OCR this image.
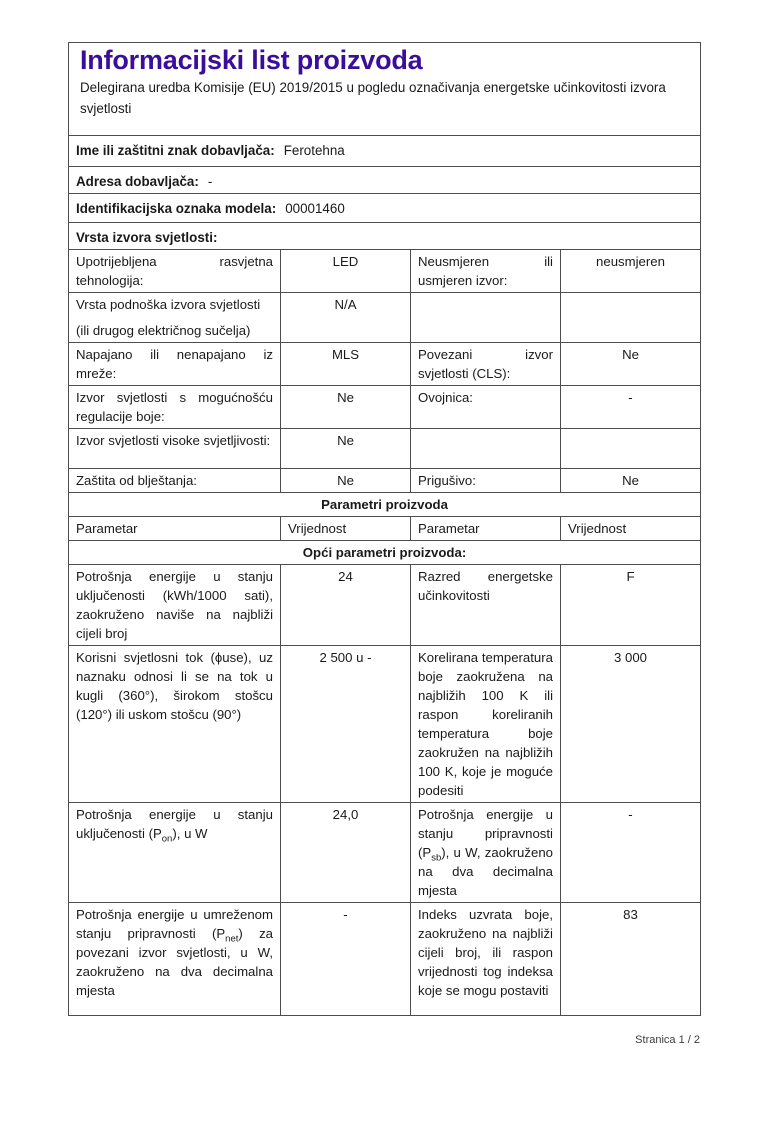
Informacijski list proizvoda
Delegirana uredba Komisije (EU) 2019/2015 u pogledu označivanja energetske učinkovitosti izvora svjetlosti

Ime ili zaštitni znak dobavljača: Ferotehna			
Adresa dobavljača: -			
Identifikacijska oznaka modela: 00001460			
Vrsta izvora svjetlosti:			
Upotrijebljena rasvjetna tehnologija:	LED	Neusmjeren ili usmjeren izvor:	neusmjeren

Vrsta podnoška izvora svjetlosti
(ili drugog električnog sučelja)	N/A		
Napajano ili nenapajano iz mreže:	MLS	Povezani izvor svjetlosti (CLS):	Ne
Izvor svjetlosti s mogućnošću regulacije boje:	Ne	Ovojnica:	-
Izvor svjetlosti visoke svjetljivosti:	Ne		
Zaštita od blještanja:	Ne	Prigušivo:	Ne
Parametri proizvoda			
Parametar	Vrijednost	Parametar	Vrijednost
Opći parametri proizvoda:			
Potrošnja energije u stanju uključenosti (kWh/1000 sati), zaokruženo naviše na najbliži cijeli broj	24	Razred energetske učinkovitosti	F
Korisni svjetlosni tok (ϕuse), uz naznaku odnosi li se na tok u kugli (360°), širokom stošcu (120°) ili uskom stošcu (90°)	2 500 u -	Korelirana temperatura boje zaokružena na najbližih 100 K ili raspon koreliranih temperatura boje zaokružen na najbližih 100 K, koje je moguće podesiti	3 000
Potrošnja energije u stanju uključenosti $(P_{on})$, u W	24,0	Potrošnja energije u stanju pripravnosti $(P_{sb})$, u W, zaokruženo na dva decimalna mjesta	-
Potrošnja energije u umreženom stanju pripravnosti $(P_{net})$ za povezani izvor svjetlosti, u W, zaokruženo na dva decimalna mjesta	-	Indeks uzvrata boje, zaokruženo na najbliži cijeli broj, ili raspon vrijednosti tog indeksa koje se mogu postaviti	83
Stranica 1 / 2
